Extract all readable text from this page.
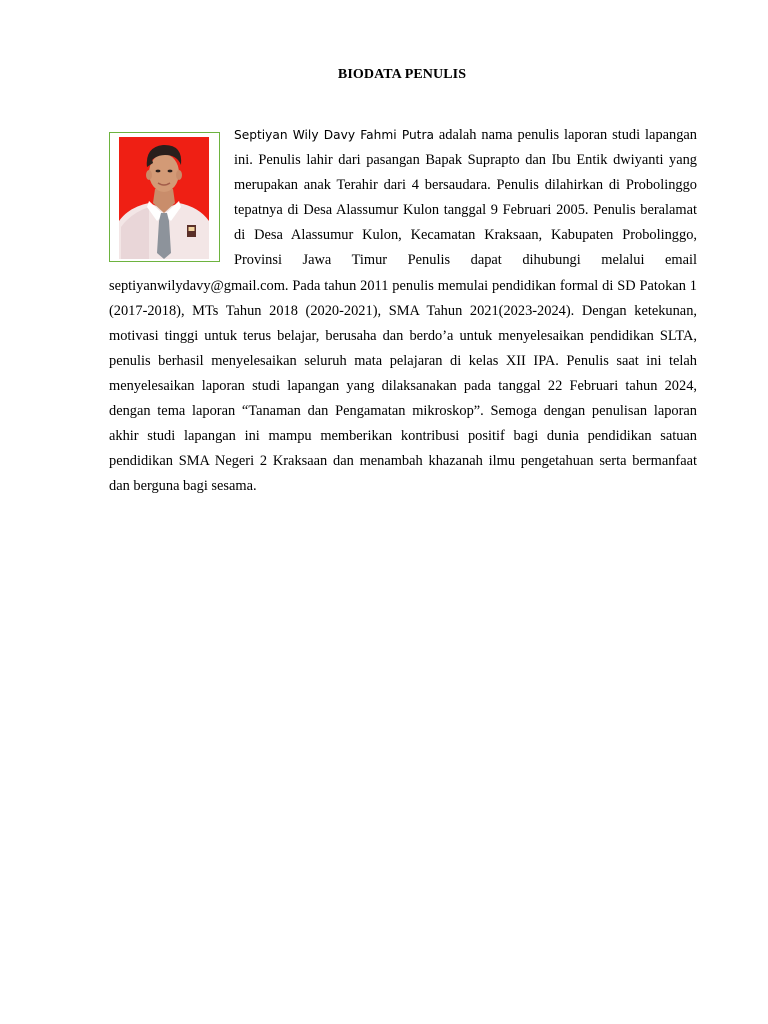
BIODATA PENULIS

Septiyan Wily Davy Fahmi Putra adalah nama penulis laporan studi lapangan ini. Penulis lahir dari pasangan Bapak Suprapto dan Ibu Entik dwiyanti yang merupakan anak Terahir dari 4 bersaudara. Penulis dilahirkan di Probolinggo tepatnya di Desa Alassumur Kulon tanggal 9 Februari 2005. Penulis beralamat di Desa Alassumur Kulon, Kecamatan Kraksaan, Kabupaten Probolinggo, Provinsi Jawa Timur Penulis dapat dihubungi melalui email septiyanwilydavy@gmail.com. Pada tahun 2011 penulis memulai pendidikan formal di SD Patokan 1 (2017-2018), MTs Tahun 2018 (2020-2021), SMA Tahun 2021(2023-2024). Dengan ketekunan, motivasi tinggi untuk terus belajar, berusaha dan berdo’a untuk menyelesaikan pendidikan SLTA, penulis berhasil menyelesaikan seluruh mata pelajaran di kelas XII IPA. Penulis saat ini telah menyelesaikan laporan studi lapangan yang dilaksanakan pada tanggal 22 Februari tahun 2024, dengan tema laporan “Tanaman dan Pengamatan mikroskop”. Semoga dengan penulisan laporan akhir studi lapangan ini mampu memberikan kontribusi positif bagi dunia pendidikan satuan pendidikan SMA Negeri 2 Kraksaan dan menambah khazanah ilmu pengetahuan serta bermanfaat dan berguna bagi sesama.
